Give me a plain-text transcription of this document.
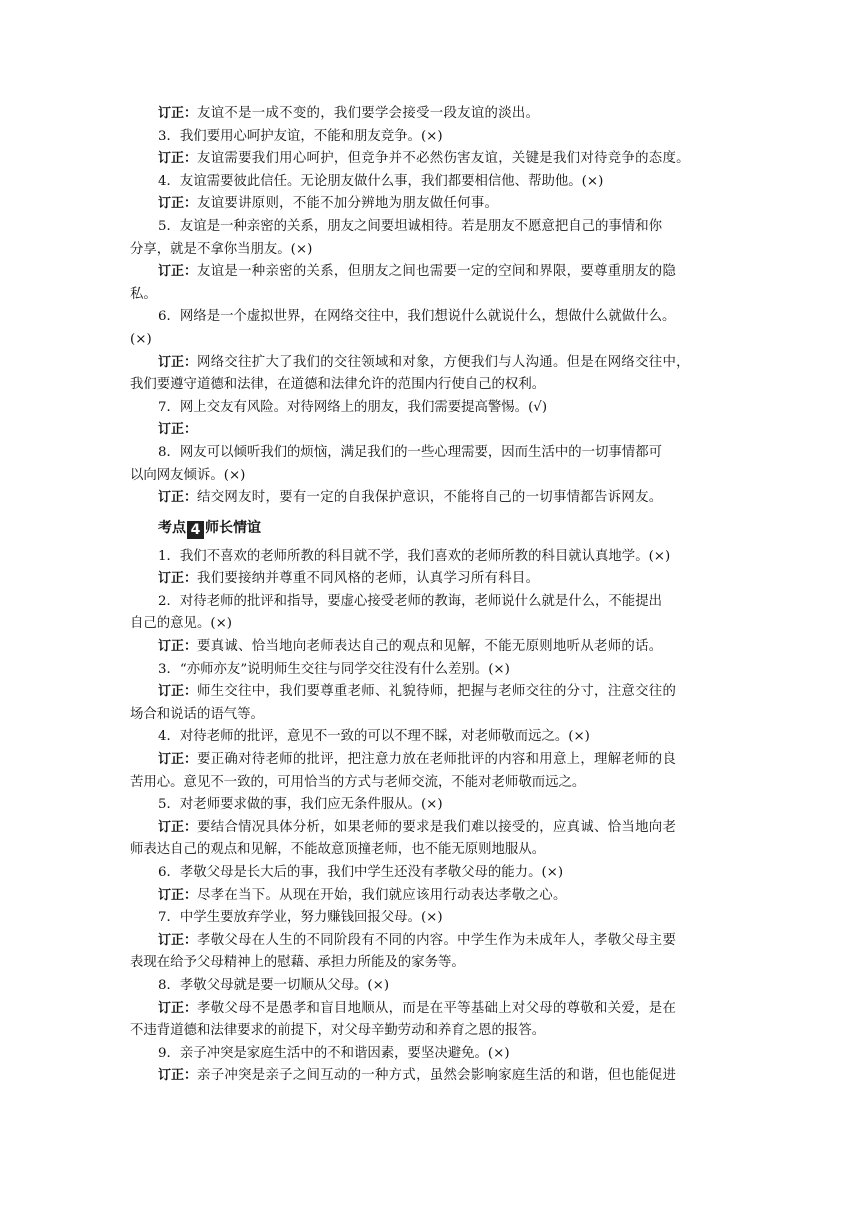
订正：友谊不是一成不变的，我们要学会接受一段友谊的淡出。
3．我们要用心呵护友谊，不能和朋友竞争。(×)
订正：友谊需要我们用心呵护，但竞争并不必然伤害友谊，关键是我们对待竞争的态度。
4．友谊需要彼此信任。无论朋友做什么事，我们都要相信他、帮助他。(×)
订正：友谊要讲原则，不能不加分辨地为朋友做任何事。
5．友谊是一种亲密的关系，朋友之间要坦诚相待。若是朋友不愿意把自己的事情和你
分享，就是不拿你当朋友。(×)
订正：友谊是一种亲密的关系，但朋友之间也需要一定的空间和界限，要尊重朋友的隐
私。
6．网络是一个虚拟世界，在网络交往中，我们想说什么就说什么，想做什么就做什么。
(×)
订正：网络交往扩大了我们的交往领域和对象，方便我们与人沟通。但是在网络交往中，
我们要遵守道德和法律，在道德和法律允许的范围内行使自己的权利。
7．网上交友有风险。对待网络上的朋友，我们需要提高警惕。(√)
订正：
8．网友可以倾听我们的烦恼，满足我们的一些心理需要，因而生活中的一切事情都可
以向网友倾诉。(×)
订正：结交网友时，要有一定的自我保护意识，不能将自己的一切事情都告诉网友。
考点 4 师长情谊
1．我们不喜欢的老师所教的科目就不学，我们喜欢的老师所教的科目就认真地学。(×)
订正：我们要接纳并尊重不同风格的老师，认真学习所有科目。
2．对待老师的批评和指导，要虚心接受老师的教诲，老师说什么就是什么，不能提出
自己的意见。(×)
订正：要真诚、恰当地向老师表达自己的观点和见解，不能无原则地听从老师的话。
3．“亦师亦友”说明师生交往与同学交往没有什么差别。(×)
订正：师生交往中，我们要尊重老师、礼貌待师，把握与老师交往的分寸，注意交往的
场合和说话的语气等。
4．对待老师的批评，意见不一致的可以不理不睬，对老师敬而远之。(×)
订正：要正确对待老师的批评，把注意力放在老师批评的内容和用意上，理解老师的良
苦用心。意见不一致的，可用恰当的方式与老师交流，不能对老师敬而远之。
5．对老师要求做的事，我们应无条件服从。(×)
订正：要结合情况具体分析，如果老师的要求是我们难以接受的，应真诚、恰当地向老
师表达自己的观点和见解，不能故意顶撞老师，也不能无原则地服从。
6．孝敬父母是长大后的事，我们中学生还没有孝敬父母的能力。(×)
订正：尽孝在当下。从现在开始，我们就应该用行动表达孝敬之心。
7．中学生要放弃学业，努力赚钱回报父母。(×)
订正：孝敬父母在人生的不同阶段有不同的内容。中学生作为未成年人，孝敬父母主要
表现在给予父母精神上的慰藉、承担力所能及的家务等。
8．孝敬父母就是要一切顺从父母。(×)
订正：孝敬父母不是愚孝和盲目地顺从，而是在平等基础上对父母的尊敬和关爱，是在
不违背道德和法律要求的前提下，对父母辛勤劳动和养育之恩的报答。
9．亲子冲突是家庭生活中的不和谐因素，要坚决避免。(×)
订正：亲子冲突是亲子之间互动的一种方式，虽然会影响家庭生活的和谐，但也能促进
